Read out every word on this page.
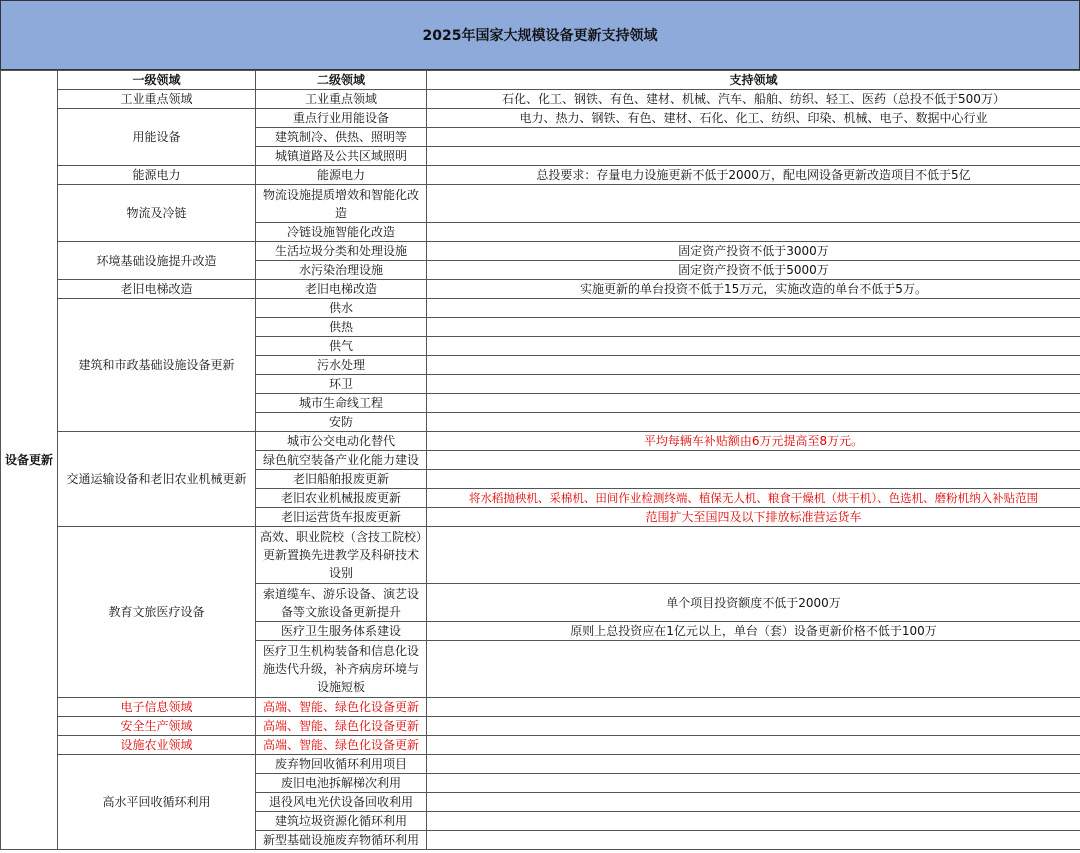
2025年国家大规模设备更新支持领域
设备更新	一级领域	二级领域	支持领域
	工业重点领域	工业重点领域	石化、化工、钢铁、有色、建材、机械、汽车、船舶、纺织、轻工、医药（总投不低于500万）
	用能设备	重点行业用能设备	电力、热力、钢铁、有色、建材、石化、化工、纺织、印染、机械、电子、数据中心行业
		建筑制冷、供热、照明等	
		城镇道路及公共区域照明	
	能源电力	能源电力	总投要求：存量电力设施更新不低于2000万，配电网设备更新改造项目不低于5亿
	物流及冷链	物流设施提质增效和智能化改造	
		冷链设施智能化改造	
	环境基础设施提升改造	生活垃圾分类和处理设施	固定资产投资不低于3000万
		水污染治理设施	固定资产投资不低于5000万
	老旧电梯改造	老旧电梯改造	实施更新的单台投资不低于15万元，实施改造的单台不低于5万。
	建筑和市政基础设施设备更新	供水	
		供热	
		供气	
		污水处理	
		环卫	
		城市生命线工程	
		安防	
	交通运输设备和老旧农业机械更新	城市公交电动化替代	平均每辆车补贴额由6万元提高至8万元。
		绿色航空装备产业化能力建设	
		老旧船舶报废更新	
		老旧农业机械报废更新	将水稻抛秧机、采棉机、田间作业检测终端、植保无人机、粮食干燥机（烘干机）、色选机、磨粉机纳入补贴范围
		老旧运营货车报废更新	范围扩大至国四及以下排放标准营运货车
	教育文旅医疗设备	高效、职业院校（含技工院校）更新置换先进教学及科研技术设别	
		索道缆车、游乐设备、演艺设备等文旅设备更新提升	单个项目投资额度不低于2000万
		医疗卫生服务体系建设	原则上总投资应在1亿元以上，单台（套）设备更新价格不低于100万
		医疗卫生机构装备和信息化设施迭代升级，补齐病房环境与设施短板	
	电子信息领域	高端、智能、绿色化设备更新	
	安全生产领域	高端、智能、绿色化设备更新	
	设施农业领域	高端、智能、绿色化设备更新	
	高水平回收循环利用	废弃物回收循环利用项目	
		废旧电池拆解梯次利用	
		退役风电光伏设备回收利用	
		建筑垃圾资源化循环利用	
		新型基础设施废弃物循环利用	
